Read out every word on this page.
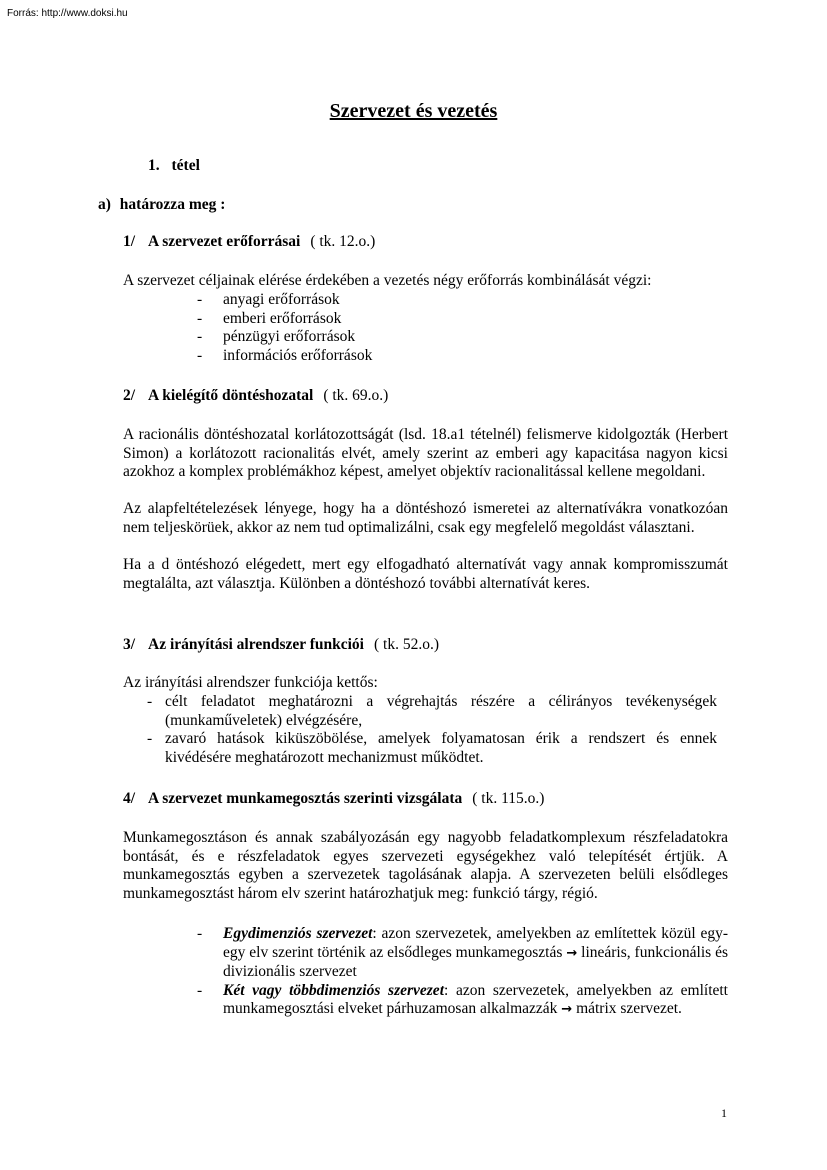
Forrás: http://www.doksi.hu
Szervezet és vezetés
1. tétel
a) határozza meg :
1/ A szervezet erőforrásai ( tk. 12.o.)
A szervezet céljainak elérése érdekében a vezetés négy erőforrás kombinálását végzi:
- anyagi erőforrások
- emberi erőforrások
- pénzügyi erőforrások
- információs erőforrások
2/ A kielégítő döntéshozatal ( tk. 69.o.)
A racionális döntéshozatal korlátozottságát (lsd. 18.a1 tételnél) felismerve kidolgozták (Herbert Simon) a korlátozott racionalitás elvét, amely szerint az emberi agy kapacitása nagyon kicsi azokhoz a komplex problémákhoz képest, amelyet objektív racionalitással kellene megoldani.
Az alapfeltételezések lényege, hogy ha a döntéshozó ismeretei az alternatívákra vonatkozóan nem teljeskörüek, akkor az nem tud optimalizálni, csak egy megfelelő megoldást választani.
Ha a d öntéshozó elégedett, mert egy elfogadható alternatívát vagy annak kompromisszumát megtalálta, azt választja. Különben a döntéshozó további alternatívát keres.
3/ Az irányítási alrendszer funkciói ( tk. 52.o.)
Az irányítási alrendszer funkciója kettős:
- célt feladatot meghatározni a végrehajtás részére a célirányos tevékenységek (munkaműveletek) elvégzésére,
- zavaró hatások kiküszöbölése, amelyek folyamatosan érik a rendszert és ennek kivédésére meghatározott mechanizmust működtet.
4/ A szervezet munkamegosztás szerinti vizsgálata ( tk. 115.o.)
Munkamegosztáson és annak szabályozásán egy nagyobb feladatkomplexum részfeladatokra bontását, és e részfeladatok egyes szervezeti egységekhez való telepítését értjük. A munkamegosztás egyben a szervezetek tagolásának alapja. A szervezeten belüli elsődleges munkamegosztást három elv szerint határozhatjuk meg: funkció tárgy, régió.
- Egydimenziós szervezet: azon szervezetek, amelyekben az említettek közül egy-egy elv szerint történik az elsődleges munkamegosztás → lineáris, funkcionális és divizionális szervezet
- Két vagy többdimenziós szervezet: azon szervezetek, amelyekben az említett munkamegosztási elveket párhuzamosan alkalmazzák → mátrix szervezet.
1
